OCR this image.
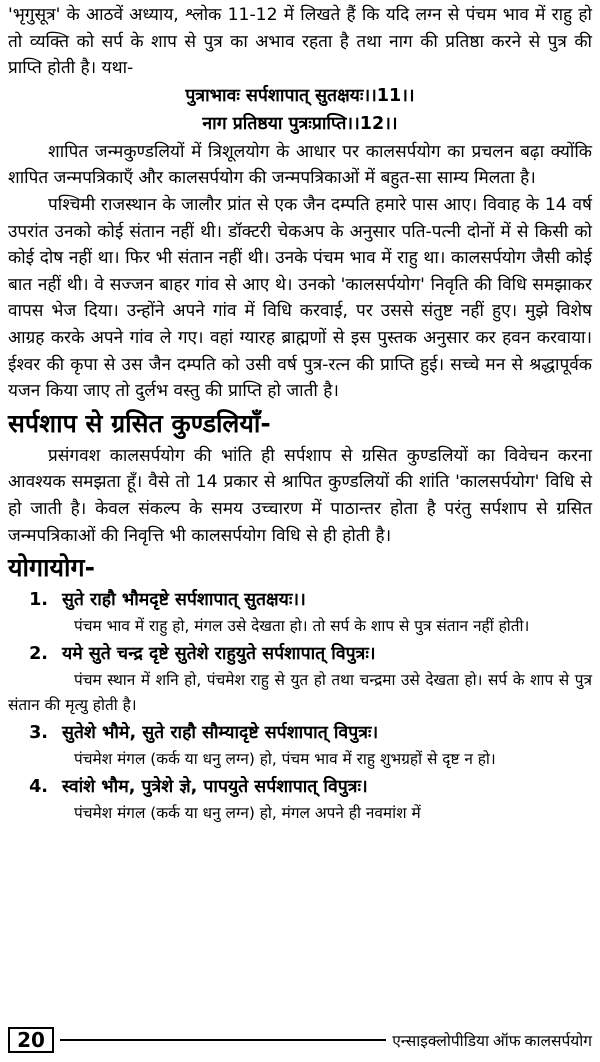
'भृगुसूत्र' के आठवें अध्याय, श्लोक 11-12 में लिखते हैं कि यदि लग्न से पंचम भाव में राहु हो तो व्यक्ति को सर्प के शाप से पुत्र का अभाव रहता है तथा नाग की प्रतिष्ठा करने से पुत्र की प्राप्ति होती है। यथा-

पुत्राभावः सर्पशापात् सुतक्षयः।।11।।

नाग प्रतिष्ठया पुत्रःप्राप्ति।।12।।

शापित जन्मकुण्डलियों में त्रिशूलयोग के आधार पर कालसर्पयोग का प्रचलन बढ़ा क्योंकि शापित जन्मपत्रिकाएँ और कालसर्पयोग की जन्मपत्रिकाओं में बहुत-सा साम्य मिलता है।

पश्चिमी राजस्थान के जालौर प्रांत से एक जैन दम्पति हमारे पास आए। विवाह के 14 वर्ष उपरांत उनको कोई संतान नहीं थी। डॉक्टरी चेकअप के अनुसार पति-पत्नी दोनों में से किसी को कोई दोष नहीं था। फिर भी संतान नहीं थी। उनके पंचम भाव में राहु था। कालसर्पयोग जैसी कोई बात नहीं थी। वे सज्जन बाहर गांव से आए थे। उनको 'कालसर्पयोग' निवृति की विधि समझाकर वापस भेज दिया। उन्होंने अपने गांव में विधि करवाई, पर उससे संतुष्ट नहीं हुए। मुझे विशेष आग्रह करके अपने गांव ले गए। वहां ग्यारह ब्राह्मणों से इस पुस्तक अनुसार कर हवन करवाया। ईश्वर की कृपा से उस जैन दम्पति को उसी वर्ष पुत्र-रत्न की प्राप्ति हुई। सच्चे मन से श्रद्धापूर्वक यजन किया जाए तो दुर्लभ वस्तु की प्राप्ति हो जाती है।

सर्पशाप से ग्रसित कुण्डलियाँ-

प्रसंगवश कालसर्पयोग की भांति ही सर्पशाप से ग्रसित कुण्डलियों का विवेचन करना आवश्यक समझता हूँ। वैसे तो 14 प्रकार से श्रापित कुण्डलियों की शांति 'कालसर्पयोग' विधि से हो जाती है। केवल संकल्प के समय उच्चारण में पाठान्तर होता है परंतु सर्पशाप से ग्रसित जन्मपत्रिकाओं की निवृत्ति भी कालसर्पयोग विधि से ही होती है।

योगायोग-
1. सुते राहौ भौमदृष्टे सर्पशापात् सुतक्षयः।।

पंचम भाव में राहु हो, मंगल उसे देखता हो। तो सर्प के शाप से पुत्र संतान नहीं होती।

2. यमे सुते चन्द्र दृष्टे सुतेशे राहुयुते सर्पशापात् विपुत्रः।

पंचम स्थान में शनि हो, पंचमेश राहु से युत हो तथा चन्द्रमा उसे देखता हो। सर्प के शाप से पुत्र संतान की मृत्यु होती है।

3. सुतेशे भौमे, सुते राहौ सौम्यादृष्टे सर्पशापात् विपुत्रः।

पंचमेश मंगल (कर्क या धनु लग्न) हो, पंचम भाव में राहु शुभग्रहों से दृष्ट न हो।

4. स्वांशे भौम, पुत्रेशे ज्ञे, पापयुते सर्पशापात् विपुत्रः।

पंचमेश मंगल (कर्क या धनु लग्न) हो, मंगल अपने ही नवमांश में

20	एन्साइक्लोपीडिया ऑफ कालसर्पयोग
